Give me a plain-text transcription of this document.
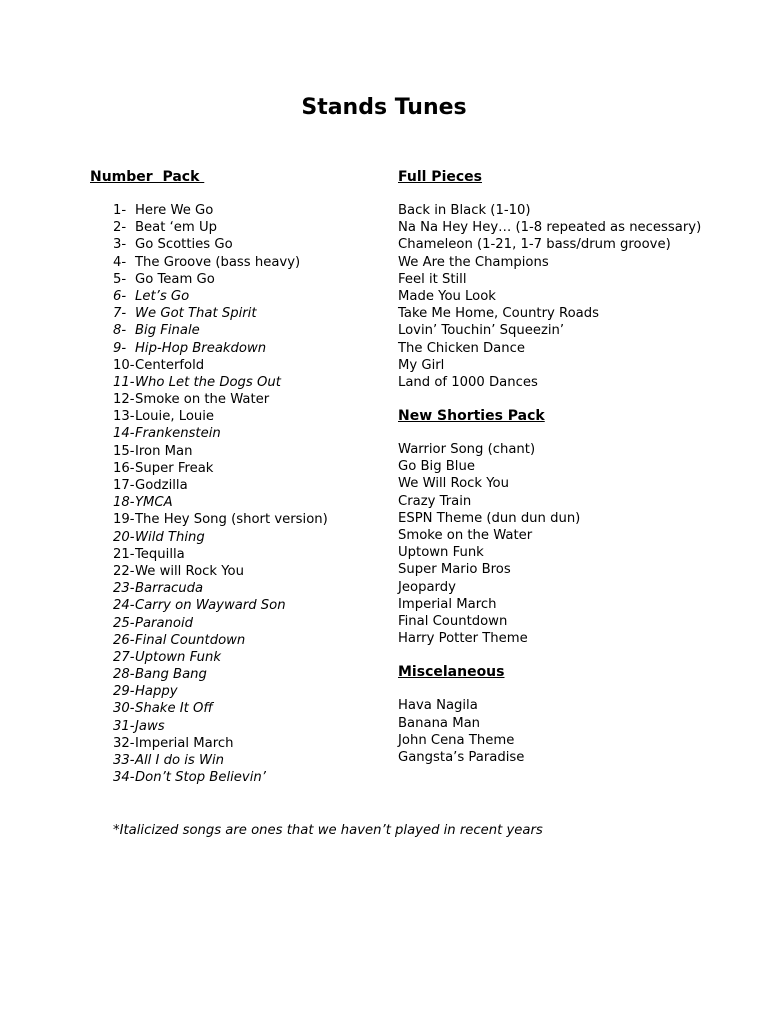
Stands Tunes
Number  Pack
1- Here We Go
2- Beat ‘em Up
3- Go Scotties Go
4- The Groove (bass heavy)
5- Go Team Go
6- Let’s Go
7- We Got That Spirit
8- Big Finale
9- Hip-Hop Breakdown
10- Centerfold
11- Who Let the Dogs Out
12- Smoke on the Water
13- Louie, Louie
14- Frankenstein
15- Iron Man
16- Super Freak
17- Godzilla
18- YMCA
19- The Hey Song (short version)
20- Wild Thing
21- Tequilla
22- We will Rock You
23- Barracuda
24- Carry on Wayward Son
25- Paranoid
26- Final Countdown
27- Uptown Funk
28- Bang Bang
29- Happy
30- Shake It Off
31- Jaws
32- Imperial March
33- All I do is Win
34- Don’t Stop Believin’
Full Pieces
Back in Black (1-10)
Na Na Hey Hey… (1-8 repeated as necessary)
Chameleon (1-21, 1-7 bass/drum groove)
We Are the Champions
Feel it Still
Made You Look
Take Me Home, Country Roads
Lovin’ Touchin’ Squeezin’
The Chicken Dance
My Girl
Land of 1000 Dances
New Shorties Pack
Warrior Song (chant)
Go Big Blue
We Will Rock You
Crazy Train
ESPN Theme (dun dun dun)
Smoke on the Water
Uptown Funk
Super Mario Bros
Jeopardy
Imperial March
Final Countdown
Harry Potter Theme
Miscelaneous
Hava Nagila
Banana Man
John Cena Theme
Gangsta’s Paradise
*Italicized songs are ones that we haven’t played in recent years
